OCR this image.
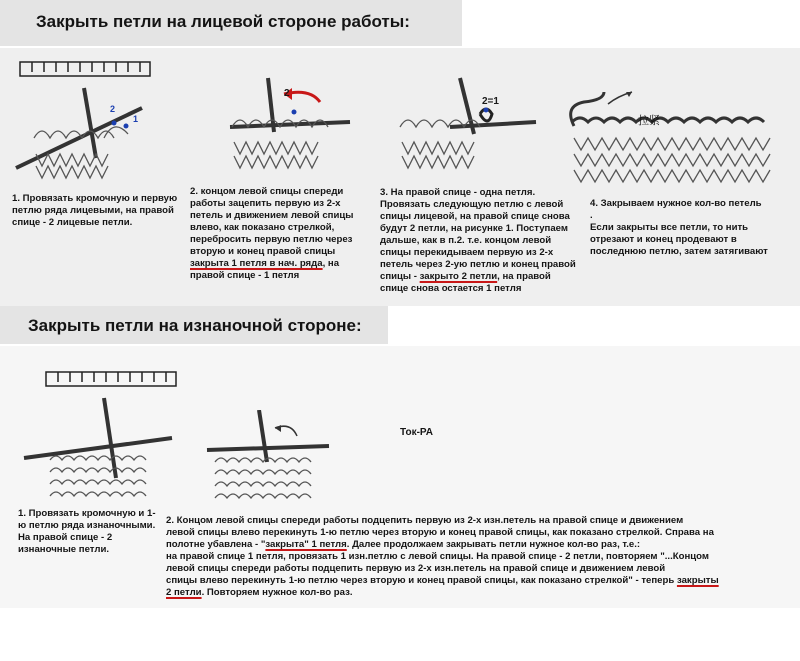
Закрыть петли на лицевой стороне работы:
2
1
2
2=1
拉紧
1. Провязать кромочную и первую петлю ряда лицевыми, на правой спице - 2 лицевые петли.
2. концом левой спицы спереди работы зацепить первую из 2-х петель и движением левой спицы влево, как показано стрелкой, перебросить первую петлю через вторую и конец правой спицы
закрыта 1 петля в нач. ряда, на правой спице - 1 петля
3. На правой спице - одна петля. Провязать следующую петлю с левой спицы лицевой, на правой спице снова будут 2 петли, на рисунке 1. Поступаем дальше, как в п.2. т.е. концом левой спицы перекидываем первую из 2-х петель через 2-ую петлю и конец правой спицы - закрыто 2 петли, на правой спице снова остается 1 петля
4. Закрываем нужное кол-во петель
.
Если закрыты все петли, то нить отрезают и конец продевают в последнюю петлю, затем затягивают
Закрыть петли на изнаночной стороне:
Ток-РА
1. Провязать кромочную и 1-ю петлю ряда изнаночными. На правой спице - 2 изнаночные петли.
2. Концом левой спицы спереди работы подцепить первую из 2-х изн.петель на правой спице и движением
левой спицы влево перекинуть 1-ю петлю через вторую и конец правой спицы, как показано стрелкой. Справа на
полотне убавлена - "закрыта" 1 петля. Далее продолжаем закрывать петли нужное кол-во раз, т.е.:
на правой спице 1 петля, провязать 1 изн.петлю с левой спицы. На правой спице - 2 петли, повторяем "...Концом
левой спицы спереди работы подцепить первую из 2-х изн.петель на правой спице и движением левой
спицы влево перекинуть 1-ю петлю через вторую и конец правой спицы, как показано стрелкой" - теперь закрыты
2 петли. Повторяем нужное кол-во раз.
